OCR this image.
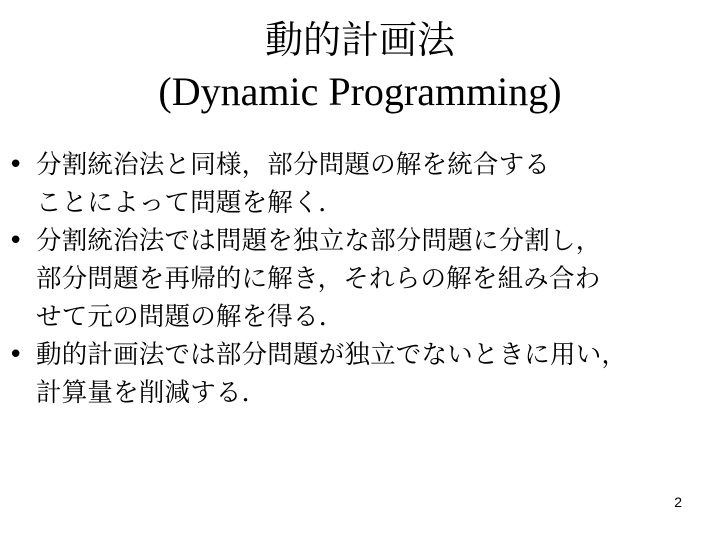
動的計画法
(Dynamic Programming)
• 分割統治法と同様，部分問題の解を統合する
ことによって問題を解く．
• 分割統治法では問題を独立な部分問題に分割し，
部分問題を再帰的に解き，それらの解を組み合わ
せて元の問題の解を得る．
• 動的計画法では部分問題が独立でないときに用い，
計算量を削減する．
2
